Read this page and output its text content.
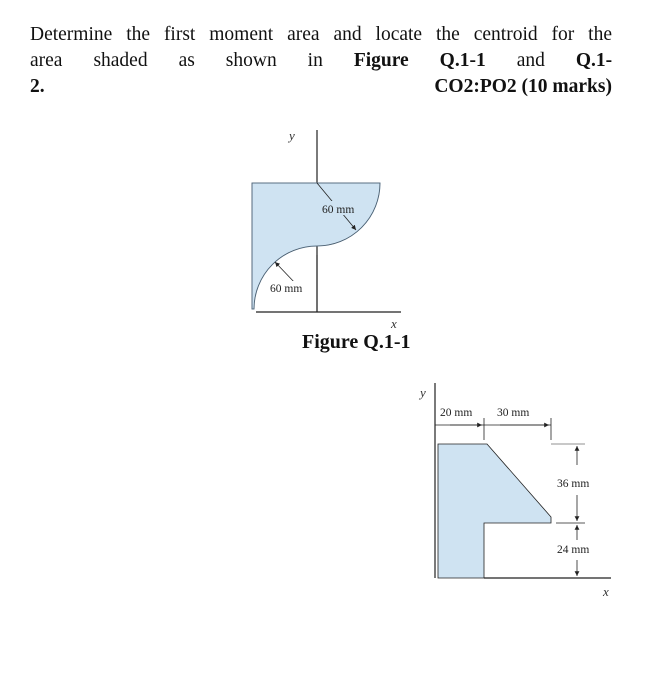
Determine the first moment area and locate the centroid for the
area shaded as shown in Figure Q.1-1 and Q.1-
2.	CO2:PO2 (10 marks)
y
x
60 mm
60 mm
y
x
20 mm 30 mm
36 mm
24 mm
Figure Q.1-1
